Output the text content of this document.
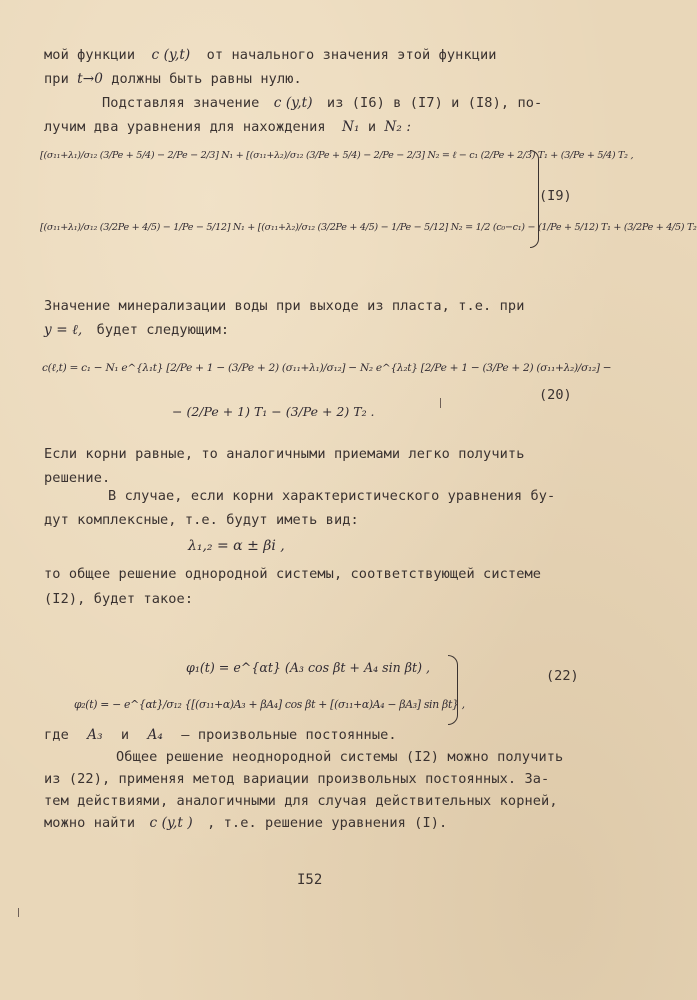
мой функции c (y,t) от начального значения этой функции
при t→0 должны быть равны нулю.
Подставляя значение c (y,t) из (I6) в (I7) и (I8), по-
лучим два уравнения для нахождения N₁ и N₂ :
[(σ₁₁+λ₁)/σ₁₂ (3/Pe + 5/4) − 2/Pe − 2/3] N₁ + [(σ₁₁+λ₂)/σ₁₂ (3/Pe + 5/4) − 2/Pe − 2/3] N₂ = ℓ − c₁ (2/Pe + 2/3) T₁ + (3/Pe + 5/4) T₂ ,
[(σ₁₁+λ₁)/σ₁₂ (3/2Pe + 4/5) − 1/Pe − 5/12] N₁ + [(σ₁₁+λ₂)/σ₁₂ (3/2Pe + 4/5) − 1/Pe − 5/12] N₂ = 1/2 (c₀−c₁) − (1/Pe + 5/12) T₁ + (3/2Pe + 4/5) T₂
(I9)
Значение минерализации воды при выходе из пласта, т.е. при
y = ℓ, будет следующим:
c(ℓ,t) = c₁ − N₁ e^{λ₁t} [2/Pe + 1 − (3/Pe + 2) (σ₁₁+λ₁)/σ₁₂] − N₂ e^{λ₂t} [2/Pe + 1 − (3/Pe + 2) (σ₁₁+λ₂)/σ₁₂] −
− (2/Pe + 1) T₁ − (3/Pe + 2) T₂ .
(20)
Если корни равные, то аналогичными приемами легко получить
решение.
В случае, если корни характеристического уравнения бу-
дут комплексные, т.е. будут иметь вид:
λ₁,₂ = α ± βi ,
то общее решение однородной системы, соответствующей системе
(I2), будет такое:
φ₁(t) = e^{αt} (A₃ cos βt + A₄ sin βt) ,
φ₂(t) = − e^{αt}/σ₁₂ {[(σ₁₁+α)A₃ + βA₄] cos βt + [(σ₁₁+α)A₄ − βA₃] sin βt} ,
(22)
где A₃ и A₄ – произвольные постоянные.
Общее решение неоднородной системы (I2) можно получить
из (22), применяя метод вариации произвольных постоянных. За-
тем действиями, аналогичными для случая действительных корней,
можно найти c (y,t ) , т.е. решение уравнения (I).
I52
